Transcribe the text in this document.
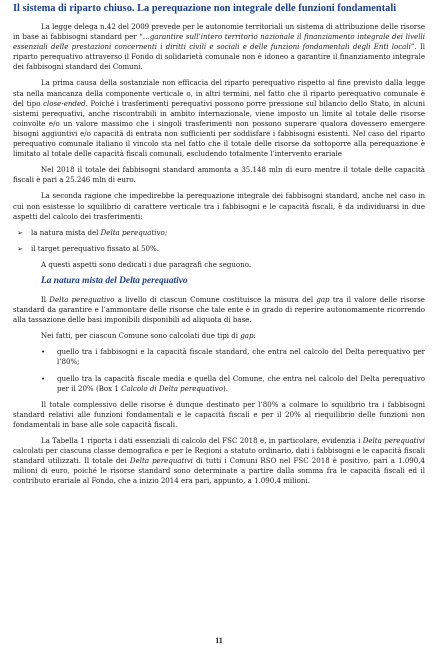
Il sistema di riparto chiuso. La perequazione non integrale delle funzioni fondamentali

La legge delega n.42 del 2009 prevede per le autonomie territoriali un sistema di attribuzione delle risorse in base ai fabbisogni standard per “…garantire sull’intero territorio nazionale il finanziamento integrale dei livelli essenziali delle prestazioni concernenti i diritti civili e sociali e delle funzioni fondamentali degli Enti locali”. Il riparto perequativo attraverso il Fondo di solidarietà comunale non è idoneo a garantire il finanziamento integrale dei fabbisogni standard dei Comuni.

La prima causa della sostanziale non efficacia del riparto perequativo rispetto al fine previsto dalla legge sta nella mancanza della componente verticale o, in altri termini, nel fatto che il riparto perequativo comunale è del tipo close-ended. Poiché i trasferimenti perequativi possono porre pressione sul bilancio dello Stato, in alcuni sistemi perequativi, anche riscontrabili in ambito internazionale, viene imposto un limite al totale delle risorse coinvolte e/o un valore massimo che i singoli trasferimenti non possono superare qualora dovessero emergere bisogni aggiuntivi e/o capacità di entrata non sufficienti per soddisfare i fabbisogni esistenti. Nel caso del riparto perequativo comunale italiano il vincolo sta nel fatto che il totale delle risorse da sottoporre alla perequazione è limitato al totale delle capacità fiscali comunali, escludendo totalmente l’intervento erariale

Nel 2018 il totale dei fabbisogni standard ammonta a 35.148 mln di euro mentre il totale delle capacità fiscali è pari a 25.246 mln di euro.

La seconda ragione che impedirebbe la perequazione integrale dei fabbisogni standard, anche nel caso in cui non esistesse lo squilibrio di carattere verticale tra i fabbisogni e le capacità fiscali, è da individuarsi in due aspetti del calcolo dei trasferimenti:

➢	la natura mista del Delta perequativo;
➢	il target perequativo fissato al 50%.

A questi aspetti sono dedicati i due paragrafi che seguono.

La natura mista del Delta perequativo

Il Delta perequativo a livello di ciascun Comune costituisce la misura del gap tra il valore delle risorse standard da garantire e l’ammontare delle risorse che tale ente è in grado di reperire autonomamente ricorrendo alla tassazione delle basi imponibili disponibili ad aliquota di base.

Nei fatti, per ciascun Comune sono calcolati due tipi di gap:

•	quello tra i fabbisogni e la capacità fiscale standard, che entra nel calcolo del Delta perequativo per l’80%;
•	quello tra la capacità fiscale media e quella del Comune, che entra nel calcolo del Delta perequativo per il 20% (Box 1 Calcolo di Delta perequativo).

Il totale complessivo delle risorse è dunque destinato per l’80% a colmare lo squilibrio tra i fabbisogni standard relativi alle funzioni fondamentali e le capacità fiscali e per il 20% al riequilibrio delle funzioni non fondamentali in base alle sole capacità fiscali.

La Tabella 1 riporta i dati essenziali di calcolo del FSC 2018 e, in particolare, evidenzia i Delta perequativi calcolati per ciascuna classe demografica e per le Regioni a statuto ordinario, dati i fabbisogni e le capacità fiscali standard utilizzati. Il totale dei Delta perequativi di tutti i Comuni RSO nel FSC 2018 è positivo, pari a 1.090,4 milioni di euro, poiché le risorse standard sono determinate a partire dalla somma fra le capacità fiscali ed il contributo erariale al Fondo, che a inizio 2014 era pari, appunto, a 1.090,4 milioni.

11
